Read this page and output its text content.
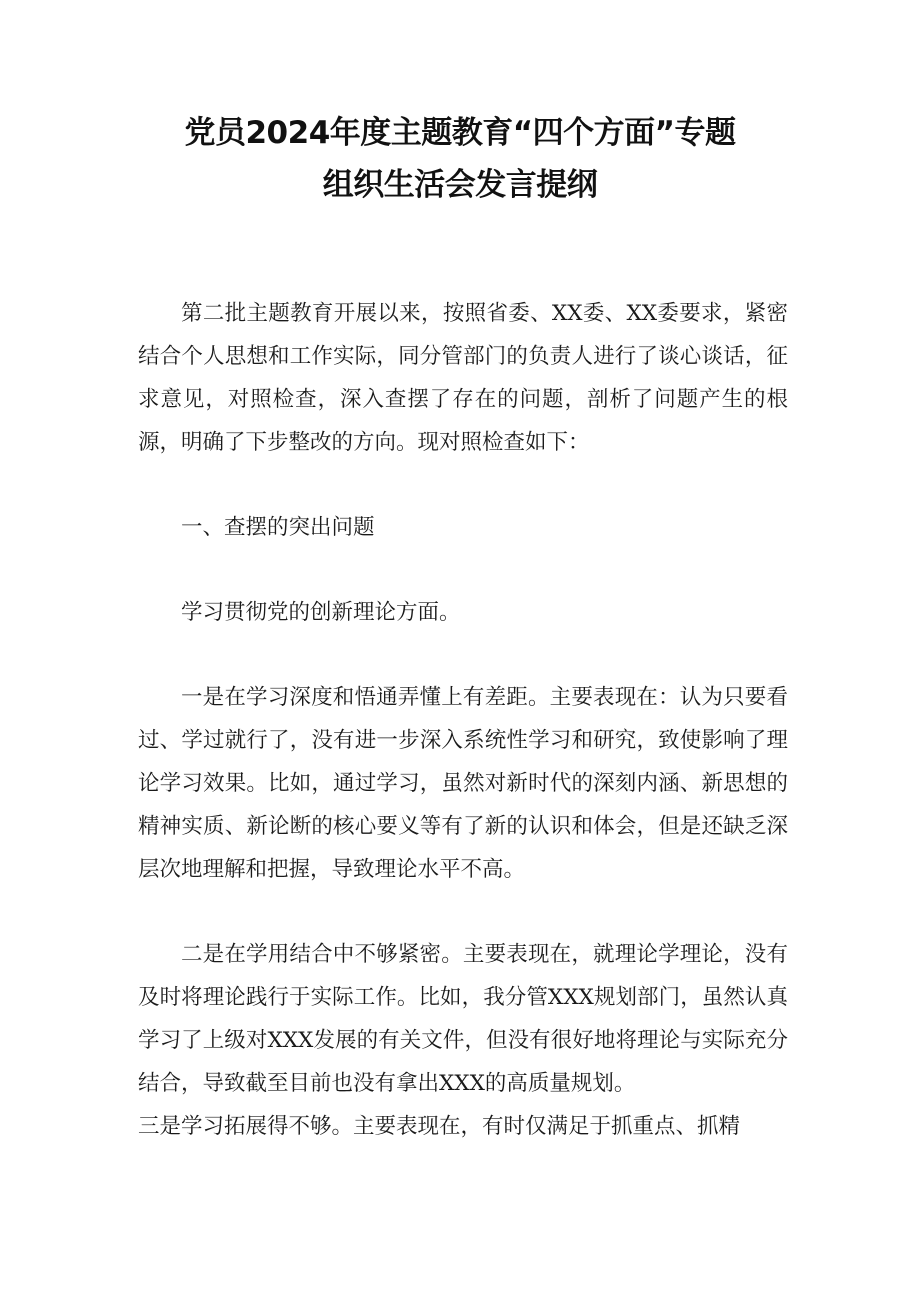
党员2024年度主题教育“四个方面”专题
组织生活会发言提纲

第二批主题教育开展以来，按照省委、XX委、XX委要求，紧密结合个人思想和工作实际，同分管部门的负责人进行了谈心谈话，征求意见，对照检查，深入查摆了存在的问题，剖析了问题产生的根源，明确了下步整改的方向。现对照检查如下：

一、查摆的突出问题

学习贯彻党的创新理论方面。

一是在学习深度和悟通弄懂上有差距。主要表现在：认为只要看过、学过就行了，没有进一步深入系统性学习和研究，致使影响了理论学习效果。比如，通过学习，虽然对新时代的深刻内涵、新思想的精神实质、新论断的核心要义等有了新的认识和体会，但是还缺乏深层次地理解和把握，导致理论水平不高。

二是在学用结合中不够紧密。主要表现在，就理论学理论，没有及时将理论践行于实际工作。比如，我分管XXX规划部门，虽然认真学习了上级对XXX发展的有关文件，但没有很好地将理论与实际充分结合，导致截至目前也没有拿出XXX的高质量规划。

三是学习拓展得不够。主要表现在，有时仅满足于抓重点、抓精
